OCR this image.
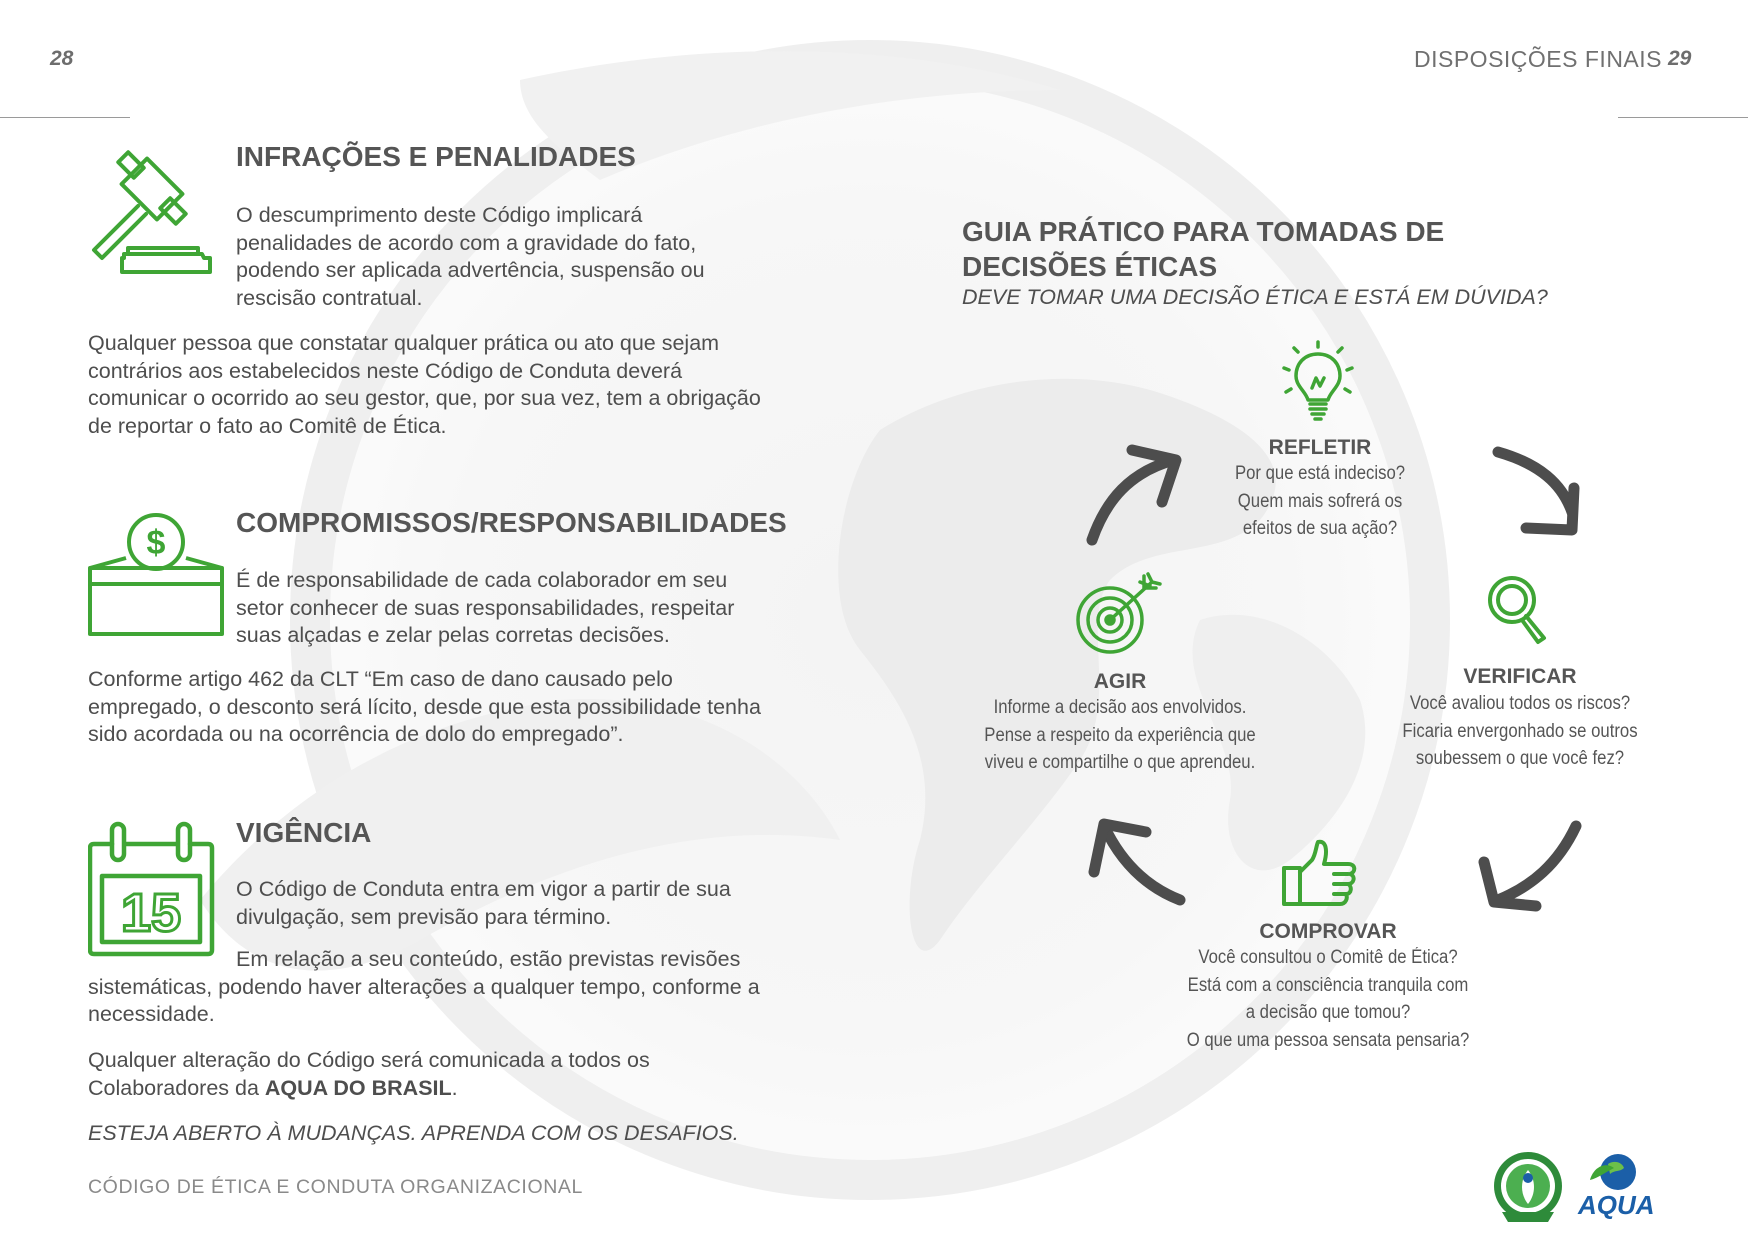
28	DISPOSIÇÕES FINAIS 29
INFRAÇÕES E PENALIDADES
O descumprimento deste Código implicará penalidades de acordo com a gravidade do fato, podendo ser aplicada advertência, suspensão ou rescisão contratual.
Qualquer pessoa que constatar qualquer prática ou ato que sejam contrários aos estabelecidos neste Código de Conduta deverá comunicar o ocorrido ao seu gestor, que, por sua vez, tem a obrigação de reportar o fato ao Comitê de Ética.
$
COMPROMISSOS/RESPONSABILIDADES
É de responsabilidade de cada colaborador em seu setor conhecer de suas responsabilidades, respeitar suas alçadas e zelar pelas corretas decisões.
Conforme artigo 462 da CLT “Em caso de dano causado pelo empregado, o desconto será lícito, desde que esta possibilidade tenha sido acordada ou na ocorrência de dolo do empregado”.
15
VIGÊNCIA
O Código de Conduta entra em vigor a partir de sua divulgação, sem previsão para término.
Em relação a seu conteúdo, estão previstas revisões sistemáticas, podendo haver alterações a qualquer tempo, conforme a necessidade.
Qualquer alteração do Código será comunicada a todos os Colaboradores da AQUA DO BRASIL.
ESTEJA ABERTO À MUDANÇAS. APRENDA COM OS DESAFIOS.
CÓDIGO DE ÉTICA E CONDUTA ORGANIZACIONAL
GUIA PRÁTICO PARA TOMADAS DE
DECISÕES ÉTICAS
DEVE TOMAR UMA DECISÃO ÉTICA E ESTÁ EM DÚVIDA?
REFLETIR
Por que está indeciso?
Quem mais sofrerá os
efeitos de sua ação?
VERIFICAR
Você avaliou todos os riscos?
Ficaria envergonhado se outros
soubessem o que você fez?
COMPROVAR
Você consultou o Comitê de Ética?
Está com a consciência tranquila com
a decisão que tomou?
O que uma pessoa sensata pensaria?
AGIR
Informe a decisão aos envolvidos.
Pense a respeito da experiência que
viveu e compartilhe o que aprendeu.
AQUA
